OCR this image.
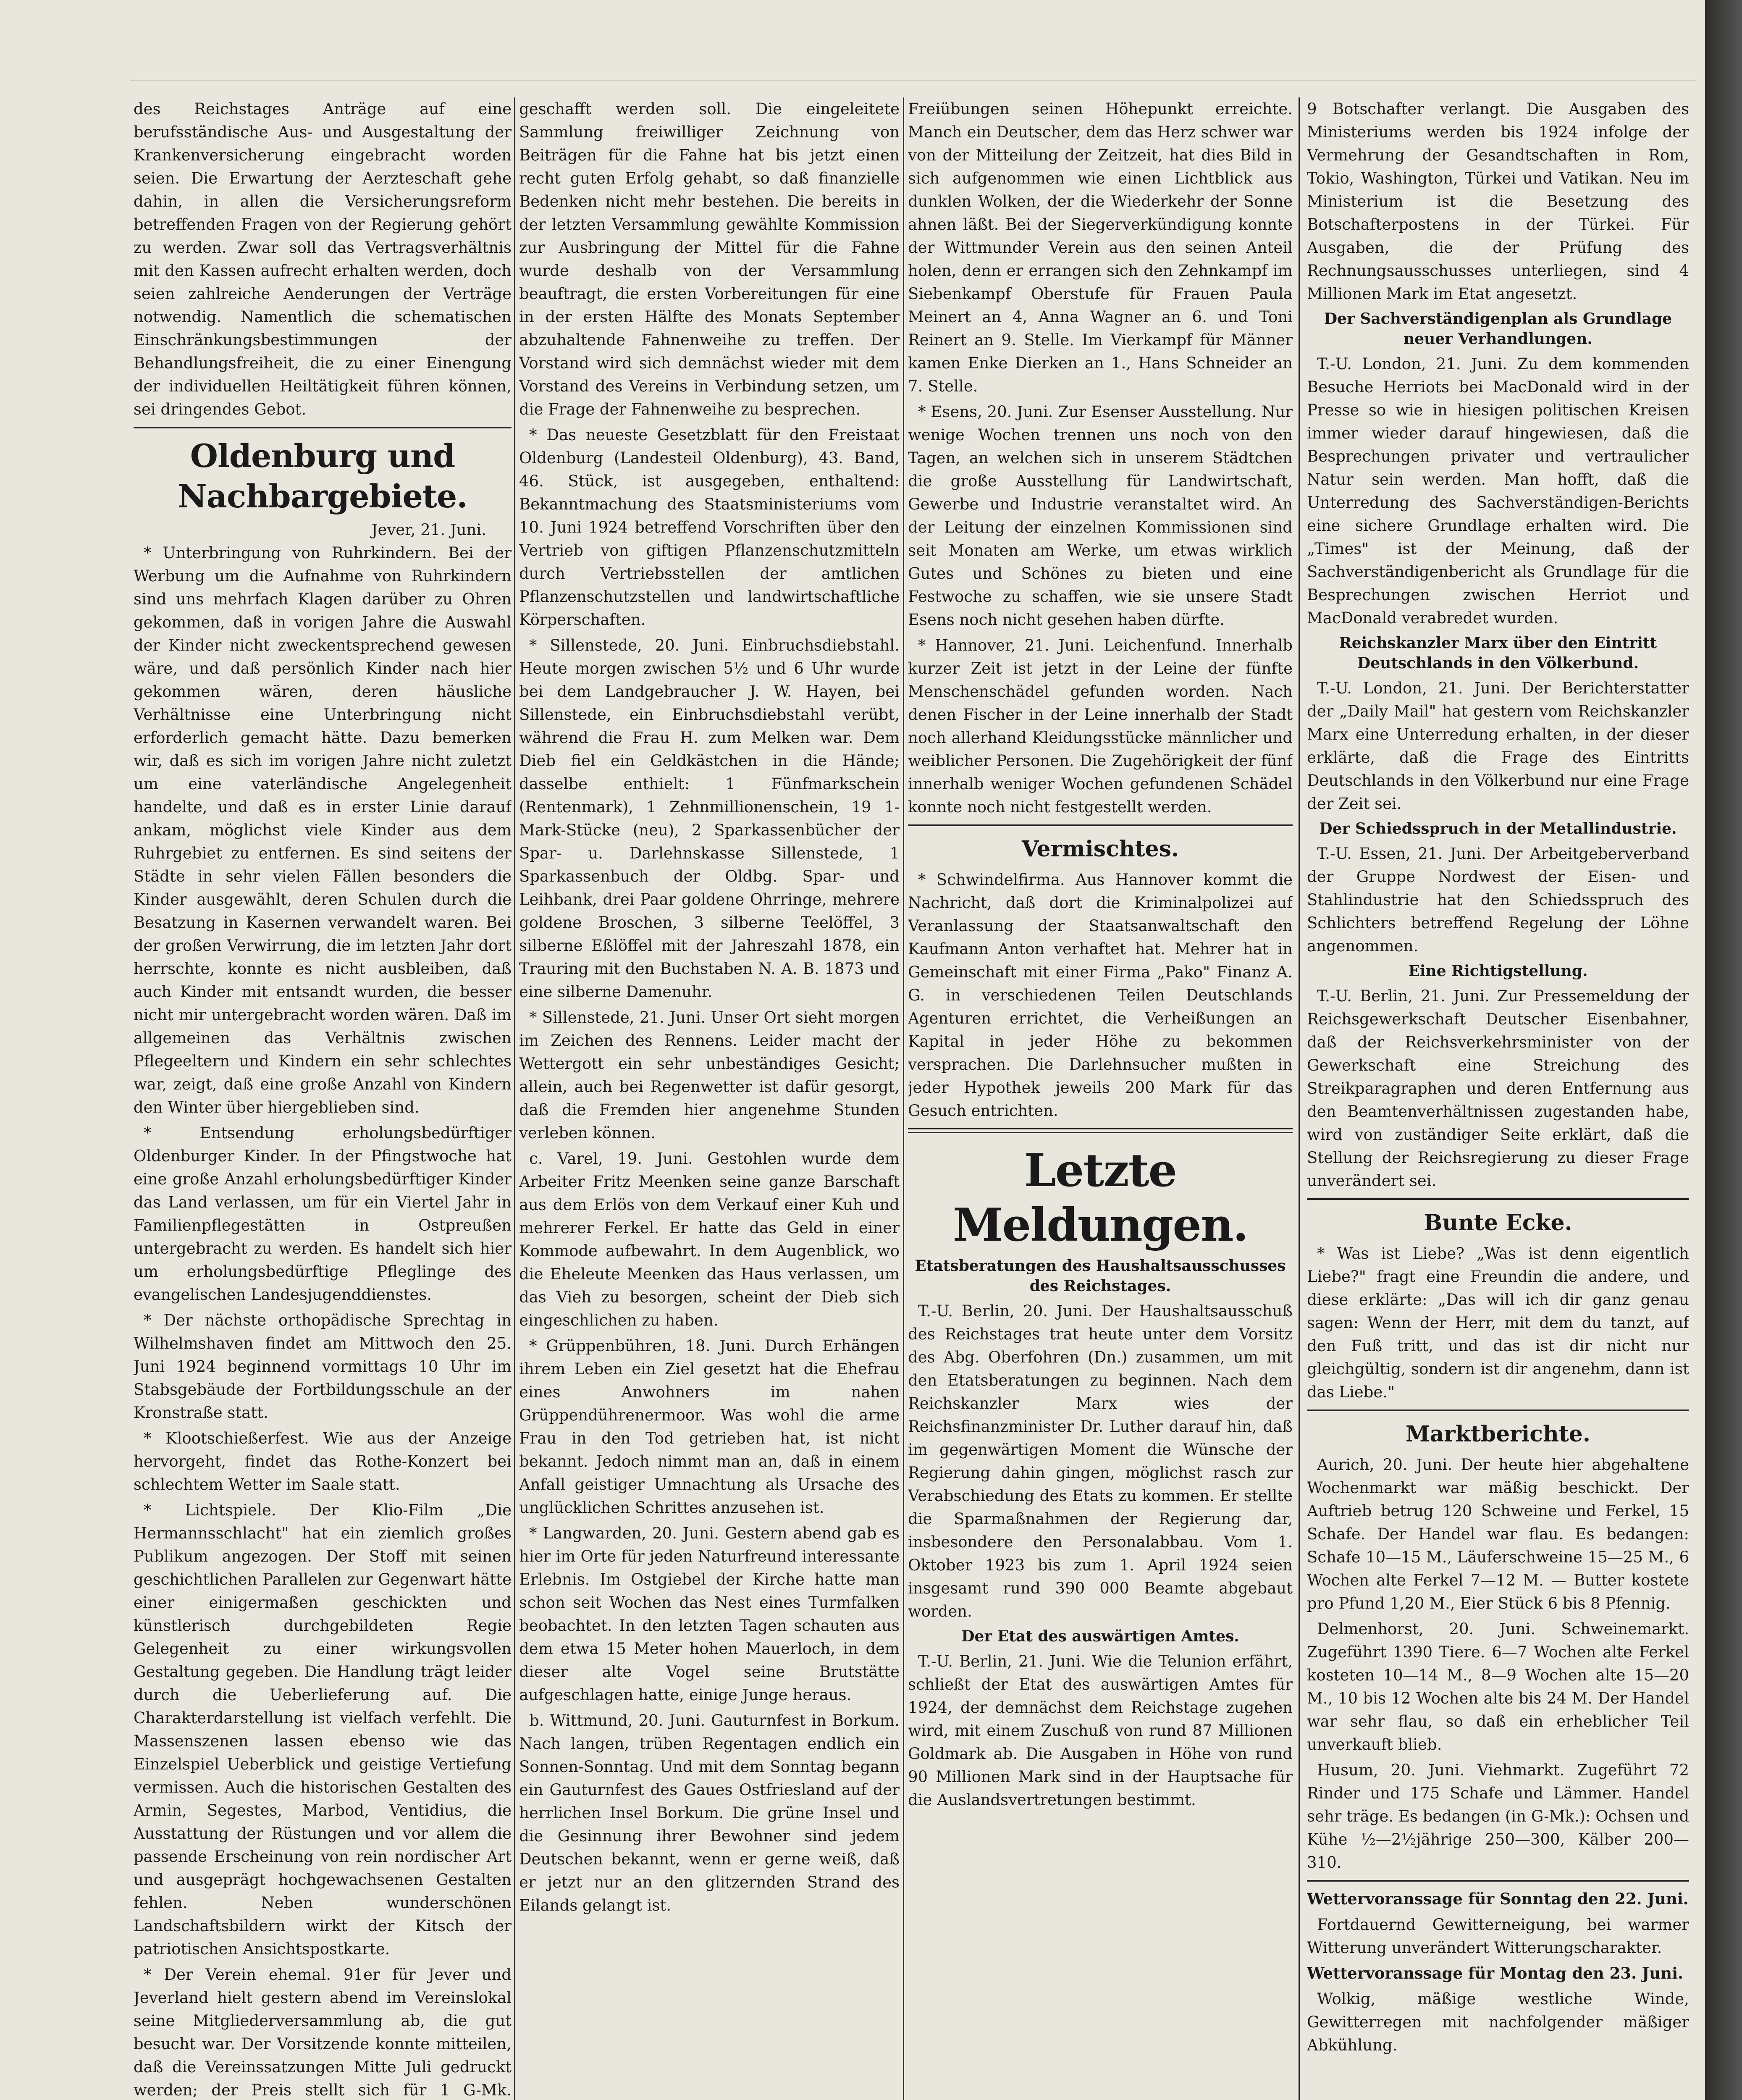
des Reichstages Anträge auf eine berufsständische Aus- und Ausgestaltung der Krankenversicherung eingebracht worden seien. Die Erwartung der Aerzteschaft gehe dahin, in allen die Versicherungsreform betreffenden Fragen von der Regierung gehört zu werden. Zwar soll das Vertragsverhältnis mit den Kassen aufrecht erhalten werden, doch seien zahlreiche Aenderungen der Verträge notwendig. Namentlich die schematischen Einschränkungsbestimmungen der Behandlungsfreiheit, die zu einer Einengung der individuellen Heiltätigkeit führen können, sei dringendes Gebot.

Oldenburg und Nachbargebiete.
Jever, 21. Juni.

* Unterbringung von Ruhrkindern. Bei der Werbung um die Aufnahme von Ruhrkindern sind uns mehrfach Klagen darüber zu Ohren gekommen, daß in vorigen Jahre die Auswahl der Kinder nicht zweckentsprechend gewesen wäre, und daß persönlich Kinder nach hier gekommen wären, deren häusliche Verhältnisse eine Unterbringung nicht erforderlich gemacht hätte. Dazu bemerken wir, daß es sich im vorigen Jahre nicht zuletzt um eine vaterländische Angelegenheit handelte, und daß es in erster Linie darauf ankam, möglichst viele Kinder aus dem Ruhrgebiet zu entfernen. Es sind seitens der Städte in sehr vielen Fällen besonders die Kinder ausgewählt, deren Schulen durch die Besatzung in Kasernen verwandelt waren. Bei der großen Verwirrung, die im letzten Jahr dort herrschte, konnte es nicht ausbleiben, daß auch Kinder mit entsandt wurden, die besser nicht mir untergebracht worden wären. Daß im allgemeinen das Verhältnis zwischen Pflegeeltern und Kindern ein sehr schlechtes war, zeigt, daß eine große Anzahl von Kindern den Winter über hiergeblieben sind.

* Entsendung erholungsbedürftiger Oldenburger Kinder. In der Pfingstwoche hat eine große Anzahl erholungsbedürftiger Kinder das Land verlassen, um für ein Viertel Jahr in Familienpflegestätten in Ostpreußen untergebracht zu werden. Es handelt sich hier um erholungsbedürftige Pfleglinge des evangelischen Landesjugenddienstes.

* Der nächste orthopädische Sprechtag in Wilhelmshaven findet am Mittwoch den 25. Juni 1924 beginnend vormittags 10 Uhr im Stabsgebäude der Fortbildungsschule an der Kronstraße statt.

* Klootschießerfest. Wie aus der Anzeige hervorgeht, findet das Rothe-Konzert bei schlechtem Wetter im Saale statt.

* Lichtspiele. Der Klio-Film „Die Hermannsschlacht" hat ein ziemlich großes Publikum angezogen. Der Stoff mit seinen geschichtlichen Parallelen zur Gegenwart hätte einer einigermaßen geschickten und künstlerisch durchgebildeten Regie Gelegenheit zu einer wirkungsvollen Gestaltung gegeben. Die Handlung trägt leider durch die Ueberlieferung auf. Die Charakterdarstellung ist vielfach verfehlt. Die Massenszenen lassen ebenso wie das Einzelspiel Ueberblick und geistige Vertiefung vermissen. Auch die historischen Gestalten des Armin, Segestes, Marbod, Ventidius, die Ausstattung der Rüstungen und vor allem die passende Erscheinung von rein nordischer Art und ausgeprägt hochgewachsenen Gestalten fehlen. Neben wunderschönen Landschaftsbildern wirkt der Kitsch der patriotischen Ansichtspostkarte.

* Der Verein ehemal. 91er für Jever und Jeverland hielt gestern abend im Vereinslokal seine Mitgliederversammlung ab, die gut besucht war. Der Vorsitzende konnte mitteilen, daß die Vereinssatzungen Mitte Juli gedruckt werden; der Preis stellt sich für 1 G-Mk.

geschafft werden soll. Die eingeleitete Sammlung freiwilliger Zeichnung von Beiträgen für die Fahne hat bis jetzt einen recht guten Erfolg gehabt, so daß finanzielle Bedenken nicht mehr bestehen. Die bereits in der letzten Versammlung gewählte Kommission zur Ausbringung der Mittel für die Fahne wurde deshalb von der Versammlung beauftragt, die ersten Vorbereitungen für eine in der ersten Hälfte des Monats September abzuhaltende Fahnenweihe zu treffen. Der Vorstand wird sich demnächst wieder mit dem Vorstand des Vereins in Verbindung setzen, um die Frage der Fahnenweihe zu besprechen.

* Das neueste Gesetzblatt für den Freistaat Oldenburg (Landesteil Oldenburg), 43. Band, 46. Stück, ist ausgegeben, enthaltend: Bekanntmachung des Staatsministeriums vom 10. Juni 1924 betreffend Vorschriften über den Vertrieb von giftigen Pflanzenschutzmitteln durch Vertriebsstellen der amtlichen Pflanzenschutzstellen und landwirtschaftliche Körperschaften.

* Sillenstede, 20. Juni. Einbruchsdiebstahl. Heute morgen zwischen 5½ und 6 Uhr wurde bei dem Landgebraucher J. W. Hayen, bei Sillenstede, ein Einbruchsdiebstahl verübt, während die Frau H. zum Melken war. Dem Dieb fiel ein Geldkästchen in die Hände; dasselbe enthielt: 1 Fünfmarkschein (Rentenmark), 1 Zehnmillionenschein, 19 1-Mark-Stücke (neu), 2 Sparkassenbücher der Spar- u. Darlehnskasse Sillenstede, 1 Sparkassenbuch der Oldbg. Spar- und Leihbank, drei Paar goldene Ohrringe, mehrere goldene Broschen, 3 silberne Teelöffel, 3 silberne Eßlöffel mit der Jahreszahl 1878, ein Trauring mit den Buchstaben N. A. B. 1873 und eine silberne Damenuhr.

* Sillenstede, 21. Juni. Unser Ort sieht morgen im Zeichen des Rennens. Leider macht der Wettergott ein sehr unbeständiges Gesicht; allein, auch bei Regenwetter ist dafür gesorgt, daß die Fremden hier angenehme Stunden verleben können.

c. Varel, 19. Juni. Gestohlen wurde dem Arbeiter Fritz Meenken seine ganze Barschaft aus dem Erlös von dem Verkauf einer Kuh und mehrerer Ferkel. Er hatte das Geld in einer Kommode aufbewahrt. In dem Augenblick, wo die Eheleute Meenken das Haus verlassen, um das Vieh zu besorgen, scheint der Dieb sich eingeschlichen zu haben.

* Grüppenbühren, 18. Juni. Durch Erhängen ihrem Leben ein Ziel gesetzt hat die Ehefrau eines Anwohners im nahen Grüppendührenermoor. Was wohl die arme Frau in den Tod getrieben hat, ist nicht bekannt. Jedoch nimmt man an, daß in einem Anfall geistiger Umnachtung als Ursache des unglücklichen Schrittes anzusehen ist.

* Langwarden, 20. Juni. Gestern abend gab es hier im Orte für jeden Naturfreund interessante Erlebnis. Im Ostgiebel der Kirche hatte man schon seit Wochen das Nest eines Turmfalken beobachtet. In den letzten Tagen schauten aus dem etwa 15 Meter hohen Mauerloch, in dem dieser alte Vogel seine Brutstätte aufgeschlagen hatte, einige Junge heraus.

b. Wittmund, 20. Juni. Gauturnfest in Borkum. Nach langen, trüben Regentagen endlich ein Sonnen-Sonntag. Und mit dem Sonntag begann ein Gauturnfest des Gaues Ostfriesland auf der herrlichen Insel Borkum. Die grüne Insel und die Gesinnung ihrer Bewohner sind jedem Deutschen bekannt, wenn er gerne weiß, daß er jetzt nur an den glitzernden Strand des Eilands gelangt ist.

Freiübungen seinen Höhepunkt erreichte. Manch ein Deutscher, dem das Herz schwer war von der Mitteilung der Zeitzeit, hat dies Bild in sich aufgenommen wie einen Lichtblick aus dunklen Wolken, der die Wiederkehr der Sonne ahnen läßt. Bei der Siegerverkündigung konnte der Wittmunder Verein aus den seinen Anteil holen, denn er errangen sich den Zehnkampf im Siebenkampf Oberstufe für Frauen Paula Meinert an 4, Anna Wagner an 6. und Toni Reinert an 9. Stelle. Im Vierkampf für Männer kamen Enke Dierken an 1., Hans Schneider an 7. Stelle.

* Esens, 20. Juni. Zur Esenser Ausstellung. Nur wenige Wochen trennen uns noch von den Tagen, an welchen sich in unserem Städtchen die große Ausstellung für Landwirtschaft, Gewerbe und Industrie veranstaltet wird. An der Leitung der einzelnen Kommissionen sind seit Monaten am Werke, um etwas wirklich Gutes und Schönes zu bieten und eine Festwoche zu schaffen, wie sie unsere Stadt Esens noch nicht gesehen haben dürfte.

* Hannover, 21. Juni. Leichenfund. Innerhalb kurzer Zeit ist jetzt in der Leine der fünfte Menschenschädel gefunden worden. Nach denen Fischer in der Leine innerhalb der Stadt noch allerhand Kleidungsstücke männlicher und weiblicher Personen. Die Zugehörigkeit der fünf innerhalb weniger Wochen gefundenen Schädel konnte noch nicht festgestellt werden.

Vermischtes.

* Schwindelfirma. Aus Hannover kommt die Nachricht, daß dort die Kriminalpolizei auf Veranlassung der Staatsanwaltschaft den Kaufmann Anton verhaftet hat. Mehrer hat in Gemeinschaft mit einer Firma „Pako" Finanz A. G. in verschiedenen Teilen Deutschlands Agenturen errichtet, die Verheißungen an Kapital in jeder Höhe zu bekommen versprachen. Die Darlehnsucher mußten in jeder Hypothek jeweils 200 Mark für das Gesuch entrichten.

Letzte Meldungen.
Etatsberatungen des Haushaltsausschusses des Reichstages.

T.-U. Berlin, 20. Juni. Der Haushaltsausschuß des Reichstages trat heute unter dem Vorsitz des Abg. Oberfohren (Dn.) zusammen, um mit den Etatsberatungen zu beginnen. Nach dem Reichskanzler Marx wies der Reichsfinanzminister Dr. Luther darauf hin, daß im gegenwärtigen Moment die Wünsche der Regierung dahin gingen, möglichst rasch zur Verabschiedung des Etats zu kommen. Er stellte die Sparmaßnahmen der Regierung dar, insbesondere den Personalabbau. Vom 1. Oktober 1923 bis zum 1. April 1924 seien insgesamt rund 390 000 Beamte abgebaut worden.

Der Etat des auswärtigen Amtes.

T.-U. Berlin, 21. Juni. Wie die Telunion erfährt, schließt der Etat des auswärtigen Amtes für 1924, der demnächst dem Reichstage zugehen wird, mit einem Zuschuß von rund 87 Millionen Goldmark ab. Die Ausgaben in Höhe von rund 90 Millionen Mark sind in der Hauptsache für die Auslandsvertretungen bestimmt.

9 Botschafter verlangt. Die Ausgaben des Ministeriums werden bis 1924 infolge der Vermehrung der Gesandtschaften in Rom, Tokio, Washington, Türkei und Vatikan. Neu im Ministerium ist die Besetzung des Botschafterpostens in der Türkei. Für Ausgaben, die der Prüfung des Rechnungsausschusses unterliegen, sind 4 Millionen Mark im Etat angesetzt.

Der Sachverständigenplan als Grundlage neuer Verhandlungen.

T.-U. London, 21. Juni. Zu dem kommenden Besuche Herriots bei MacDonald wird in der Presse so wie in hiesigen politischen Kreisen immer wieder darauf hingewiesen, daß die Besprechungen privater und vertraulicher Natur sein werden. Man hofft, daß die Unterredung des Sachverständigen-Berichts eine sichere Grundlage erhalten wird. Die „Times" ist der Meinung, daß der Sachverständigenbericht als Grundlage für die Besprechungen zwischen Herriot und MacDonald verabredet wurden.

Reichskanzler Marx über den Eintritt Deutschlands in den Völkerbund.

T.-U. London, 21. Juni. Der Berichterstatter der „Daily Mail" hat gestern vom Reichskanzler Marx eine Unterredung erhalten, in der dieser erklärte, daß die Frage des Eintritts Deutschlands in den Völkerbund nur eine Frage der Zeit sei.

Der Schiedsspruch in der Metallindustrie.

T.-U. Essen, 21. Juni. Der Arbeitgeberverband der Gruppe Nordwest der Eisen- und Stahlindustrie hat den Schiedsspruch des Schlichters betreffend Regelung der Löhne angenommen.

Eine Richtigstellung.

T.-U. Berlin, 21. Juni. Zur Pressemeldung der Reichsgewerkschaft Deutscher Eisenbahner, daß der Reichsverkehrsminister von der Gewerkschaft eine Streichung des Streikparagraphen und deren Entfernung aus den Beamtenverhältnissen zugestanden habe, wird von zuständiger Seite erklärt, daß die Stellung der Reichsregierung zu dieser Frage unverändert sei.

Bunte Ecke.

* Was ist Liebe? „Was ist denn eigentlich Liebe?" fragt eine Freundin die andere, und diese erklärte: „Das will ich dir ganz genau sagen: Wenn der Herr, mit dem du tanzt, auf den Fuß tritt, und das ist dir nicht nur gleichgültig, sondern ist dir angenehm, dann ist das Liebe."

Marktberichte.

Aurich, 20. Juni. Der heute hier abgehaltene Wochenmarkt war mäßig beschickt. Der Auftrieb betrug 120 Schweine und Ferkel, 15 Schafe. Der Handel war flau. Es bedangen: Schafe 10—15 M., Läuferschweine 15—25 M., 6 Wochen alte Ferkel 7—12 M. — Butter kostete pro Pfund 1,20 M., Eier Stück 6 bis 8 Pfennig.

Delmenhorst, 20. Juni. Schweinemarkt. Zugeführt 1390 Tiere. 6—7 Wochen alte Ferkel kosteten 10—14 M., 8—9 Wochen alte 15—20 M., 10 bis 12 Wochen alte bis 24 M. Der Handel war sehr flau, so daß ein erheblicher Teil unverkauft blieb.

Husum, 20. Juni. Viehmarkt. Zugeführt 72 Rinder und 175 Schafe und Lämmer. Handel sehr träge. Es bedangen (in G-Mk.): Ochsen und Kühe ½—2½jährige 250—300, Kälber 200—310.

Wettervoranssage für Sonntag den 22. Juni.

Fortdauernd Gewitterneigung, bei warmer Witterung unverändert Witterungscharakter.

Wettervoranssage für Montag den 23. Juni.

Wolkig, mäßige westliche Winde, Gewitterregen mit nachfolgender mäßiger Abkühlung.
